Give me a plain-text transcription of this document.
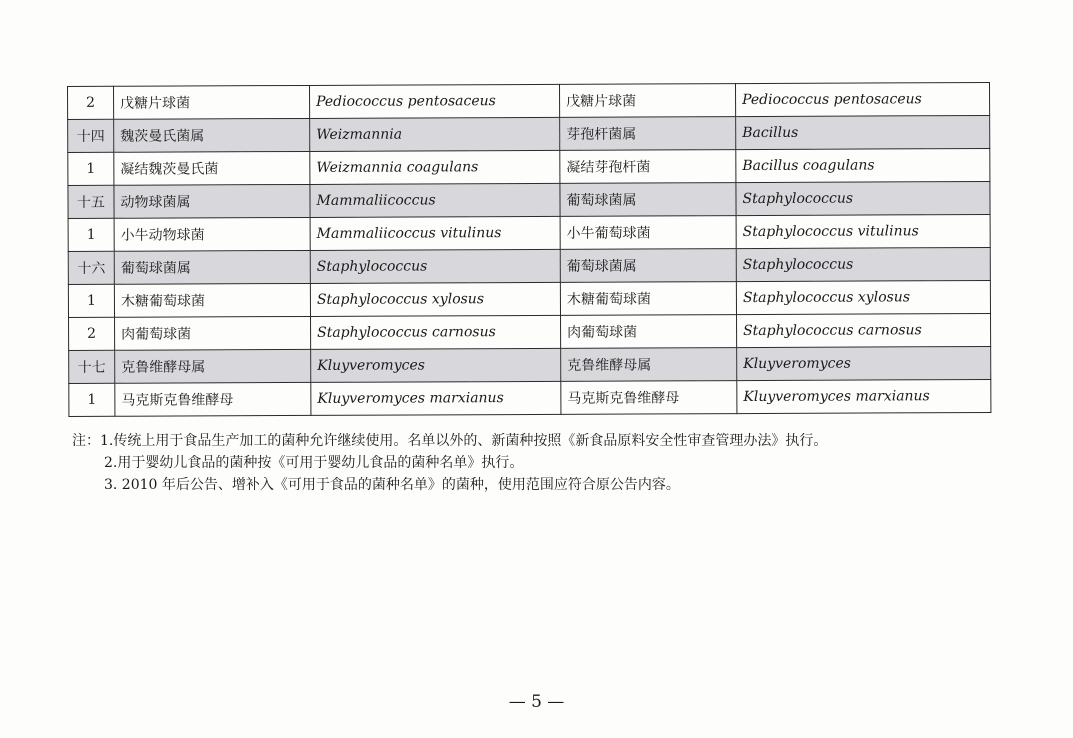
2	戊糖片球菌	Pediococcus pentosaceus	戊糖片球菌	Pediococcus pentosaceus
十四	魏茨曼氏菌属	Weizmannia	芽孢杆菌属	Bacillus
1	凝结魏茨曼氏菌	Weizmannia coagulans	凝结芽孢杆菌	Bacillus coagulans
十五	动物球菌属	Mammaliicoccus	葡萄球菌属	Staphylococcus
1	小牛动物球菌	Mammaliicoccus vitulinus	小牛葡萄球菌	Staphylococcus vitulinus
十六	葡萄球菌属	Staphylococcus	葡萄球菌属	Staphylococcus
1	木糖葡萄球菌	Staphylococcus xylosus	木糖葡萄球菌	Staphylococcus xylosus
2	肉葡萄球菌	Staphylococcus carnosus	肉葡萄球菌	Staphylococcus carnosus
十七	克鲁维酵母属	Kluyveromyces	克鲁维酵母属	Kluyveromyces
1	马克斯克鲁维酵母	Kluyveromyces marxianus	马克斯克鲁维酵母	Kluyveromyces marxianus
注：1.传统上用于食品生产加工的菌种允许继续使用。名单以外的、新菌种按照《新食品原料安全性审查管理办法》执行。
2.用于婴幼儿食品的菌种按《可用于婴幼儿食品的菌种名单》执行。
3. 2010 年后公告、增补入《可用于食品的菌种名单》的菌种，使用范围应符合原公告内容。
— 5 —
